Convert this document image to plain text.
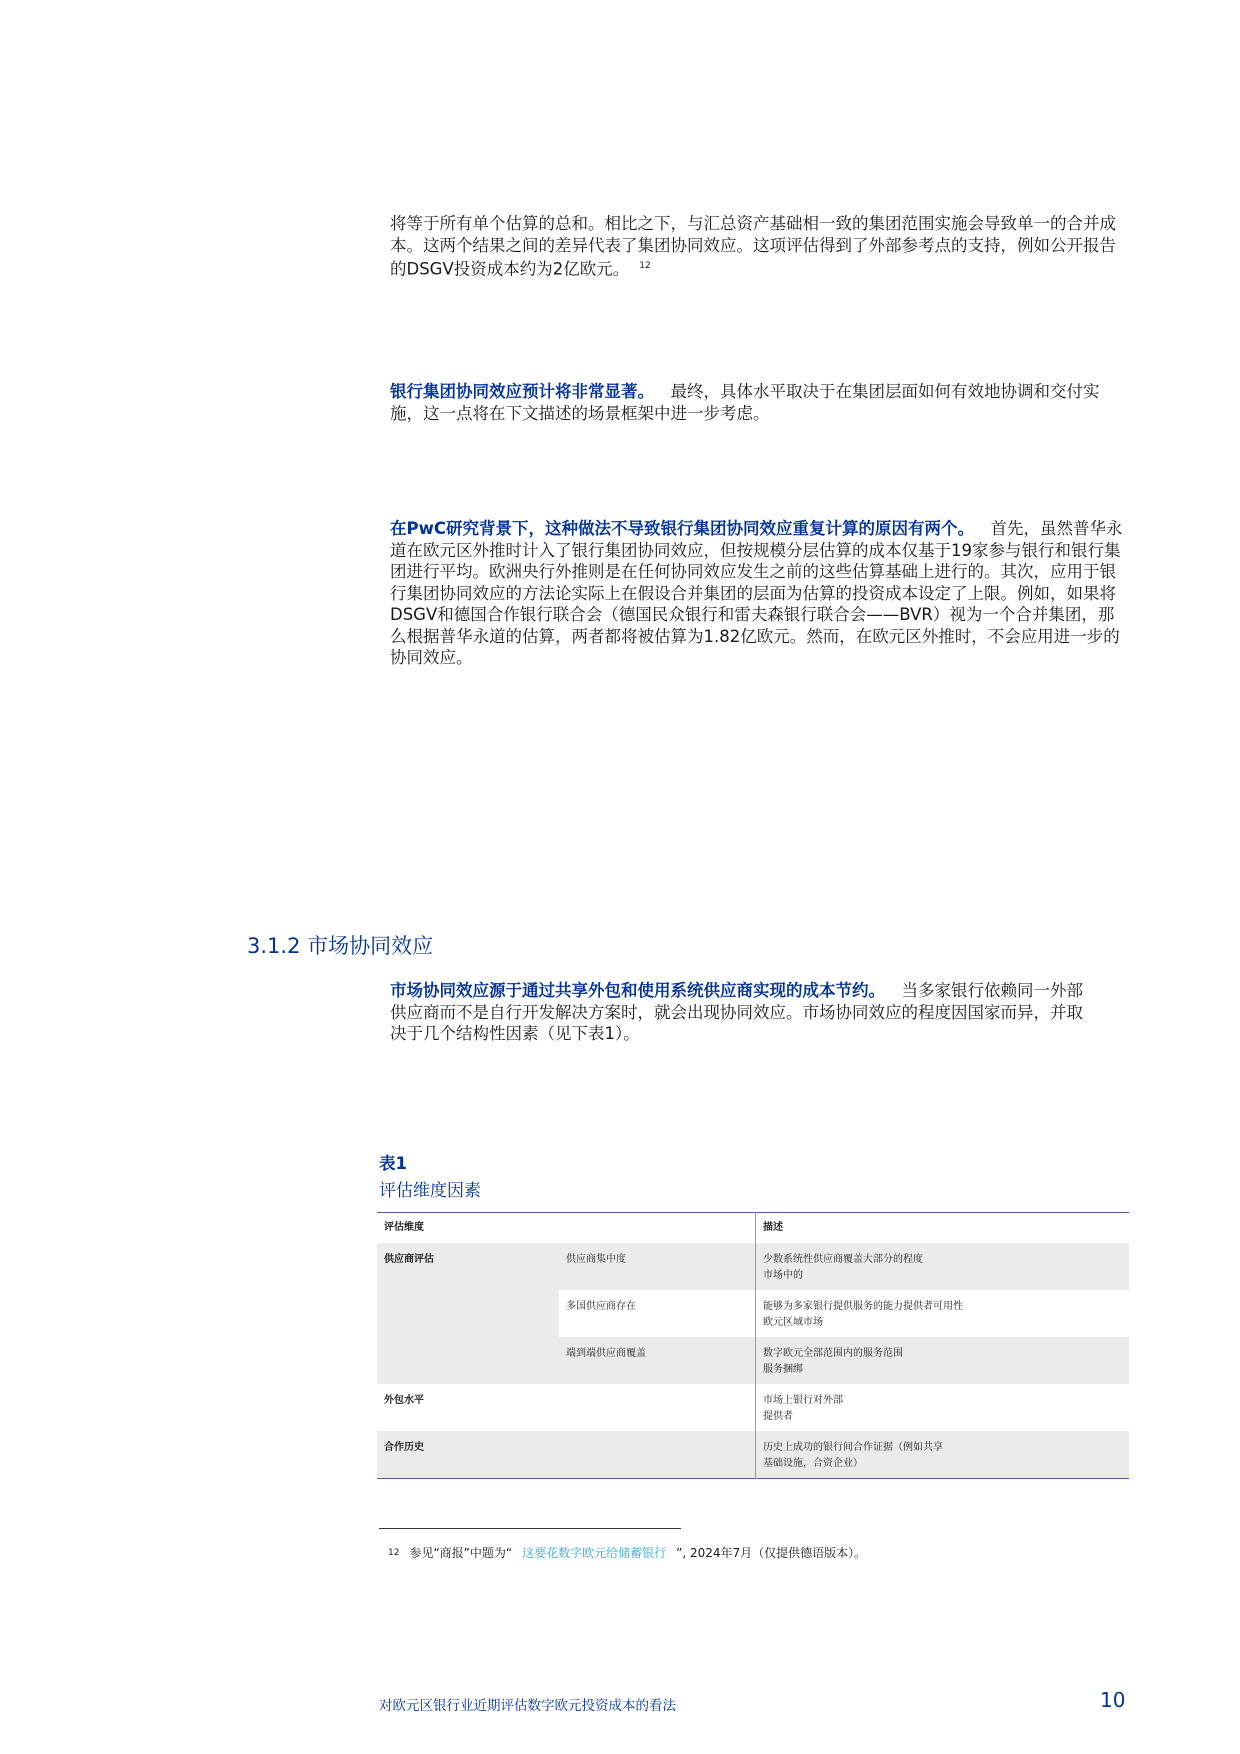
将等于所有单个估算的总和。相比之下，与汇总资产基础相一致的集团范围实施会导致单一的合并成本。这两个结果之间的差异代表了集团协同效应。这项评估得到了外部参考点的支持，例如公开报告的DSGV投资成本约为2亿欧元。 $^{12}$
银行集团协同效应预计将非常显著。  最终，具体水平取决于在集团层面如何有效地协调和交付实施，这一点将在下文描述的场景框架中进一步考虑。
在PwC研究背景下，这种做法不导致银行集团协同效应重复计算的原因有两个。  首先，虽然普华永道在欧元区外推时计入了银行集团协同效应，但按规模分层估算的成本仅基于19家参与银行和银行集团进行平均。欧洲央行外推则是在任何协同效应发生之前的这些估算基础上进行的。其次，应用于银行集团协同效应的方法论实际上在假设合并集团的层面为估算的投资成本设定了上限。例如，如果将DSGV和德国合作银行联合会（德国民众银行和雷夫森银行联合会——BVR）视为一个合并集团，那么根据普华永道的估算，两者都将被估算为1.82亿欧元。然而，在欧元区外推时，不会应用进一步的协同效应。
3.1.2 市场协同效应
市场协同效应源于通过共享外包和使用系统供应商实现的成本节约。  当多家银行依赖同一外部供应商而不是自行开发解决方案时，就会出现协同效应。市场协同效应的程度因国家而异，并取决于几个结构性因素（见下表1）。
表1
评估维度因素
评估维度		描述
供应商评估	供应商集中度	少数系统性供应商覆盖大部分的程度
市场中的

	多国供应商存在	能够为多家银行提供服务的能力提供者可用性
欧元区域市场

	端到端供应商覆盖	数字欧元全部范围内的服务范围
服务捆绑

外包水平		市场上银行对外部
提供者

合作历史		历史上成功的银行间合作证据（例如共享
基础设施，合资企业）
12 参见“商报”中题为“ 这要花数字欧元给储蓄银行 ”, 2024年7月（仅提供德语版本）。
对欧元区银行业近期评估数字欧元投资成本的看法	10
